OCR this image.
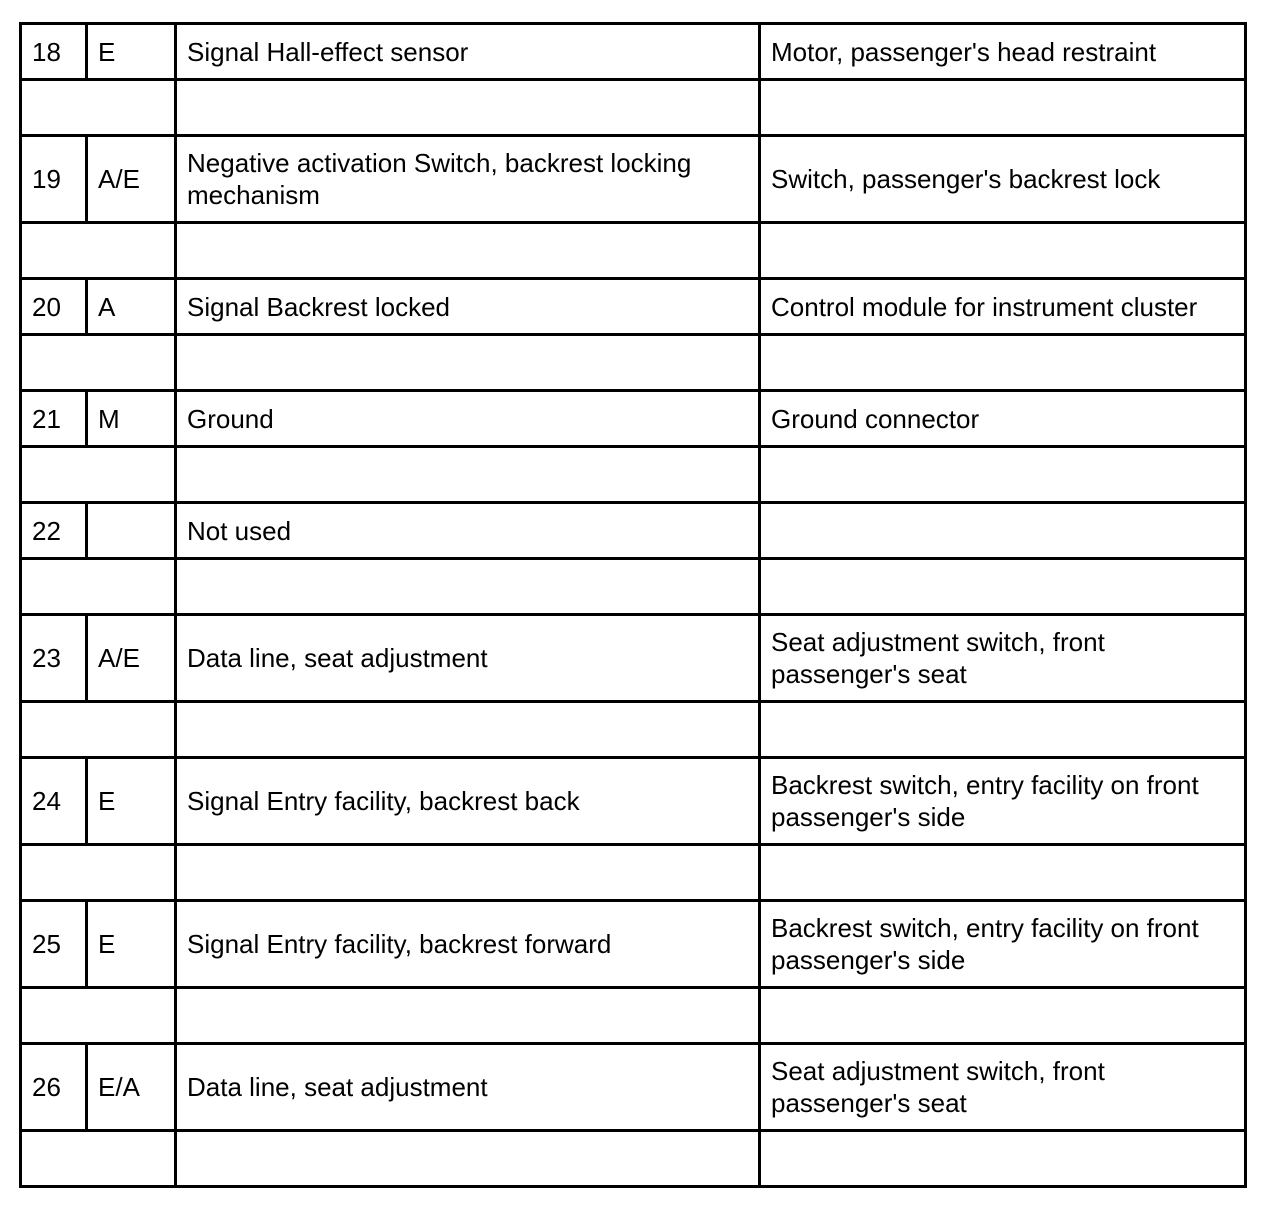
18	E	Signal Hall-effect sensor	Motor, passenger's head restraint

19	A/E	Negative activation Switch, backrest locking mechanism	Switch, passenger's backrest lock

20	A	Signal Backrest locked	Control module for instrument cluster

21	M	Ground	Ground connector

22		Not used	

23	A/E	Data line, seat adjustment	Seat adjustment switch, front passenger's seat

24	E	Signal Entry facility, backrest back	Backrest switch, entry facility on front passenger's side

25	E	Signal Entry facility, backrest forward	Backrest switch, entry facility on front passenger's side

26	E/A	Data line, seat adjustment	Seat adjustment switch, front passenger's seat
